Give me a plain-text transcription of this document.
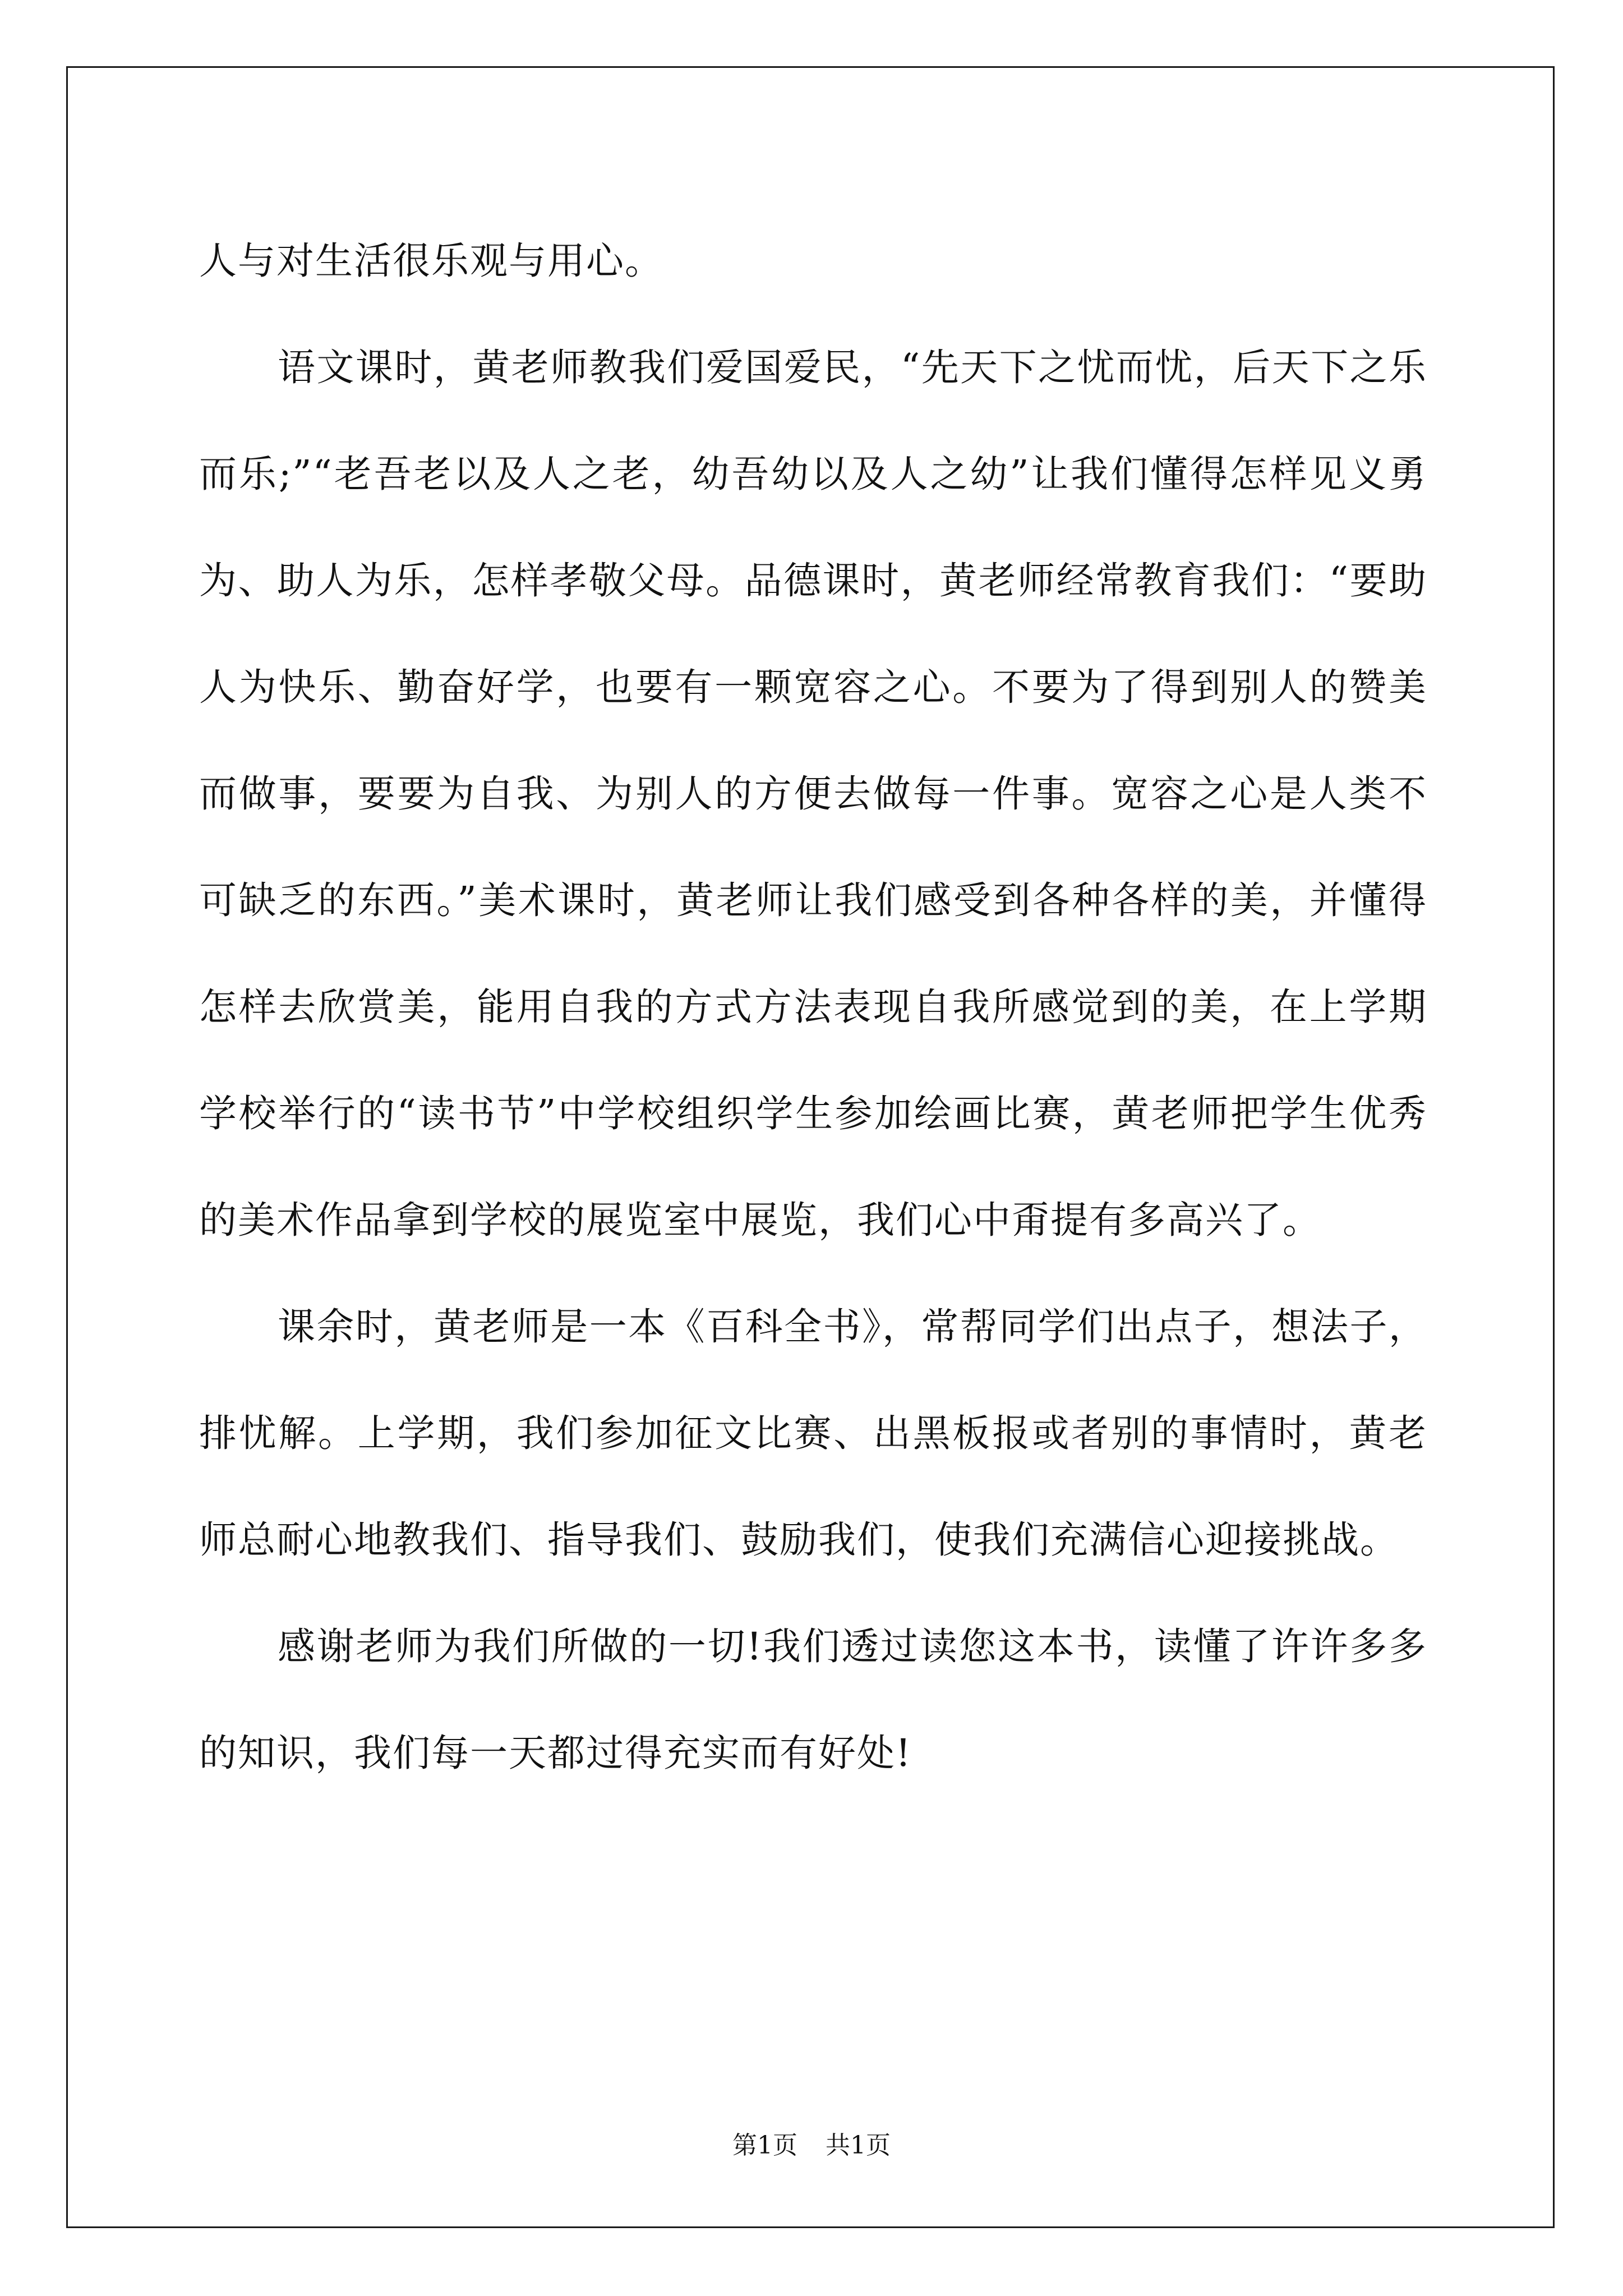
人与对生活很乐观与用心。

语文课时，黄老师教我们爱国爱民，“先天下之忧而忧，后天下之乐而乐;”“老吾老以及人之老，幼吾幼以及人之幼”让我们懂得怎样见义勇为、助人为乐，怎样孝敬父母。品德课时，黄老师经常教育我们：“要助人为快乐、勤奋好学，也要有一颗宽容之心。不要为了得到别人的赞美而做事，要要为自我、为别人的方便去做每一件事。宽容之心是人类不可缺乏的东西。”美术课时，黄老师让我们感受到各种各样的美，并懂得怎样去欣赏美，能用自我的方式方法表现自我所感觉到的美，在上学期学校举行的“读书节”中学校组织学生参加绘画比赛，黄老师把学生优秀的美术作品拿到学校的展览室中展览，我们心中甭提有多高兴了。

课余时，黄老师是一本《百科全书》，常帮同学们出点子，想法子，排忧解。上学期，我们参加征文比赛、出黑板报或者别的事情时，黄老师总耐心地教我们、指导我们、鼓励我们，使我们充满信心迎接挑战。

感谢老师为我们所做的一切!我们透过读您这本书，读懂了许许多多的知识，我们每一天都过得充实而有好处!

第1页 共1页
